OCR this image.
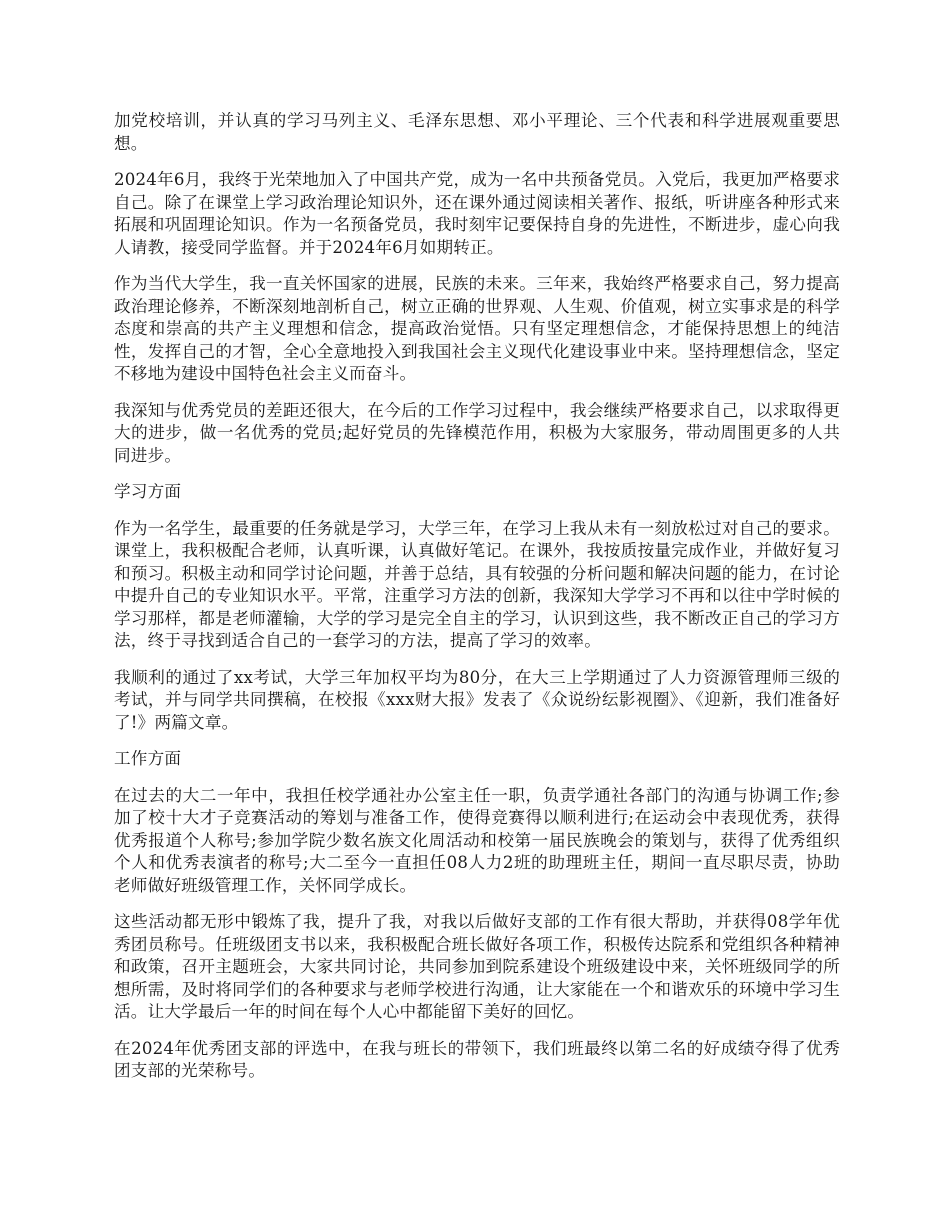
加党校培训，并认真的学习马列主义、毛泽东思想、邓小平理论、三个代表和科学进展观重要思想。

2024年6月，我终于光荣地加入了中国共产党，成为一名中共预备党员。入党后，我更加严格要求自己。除了在课堂上学习政治理论知识外，还在课外通过阅读相关著作、报纸，听讲座各种形式来拓展和巩固理论知识。作为一名预备党员，我时刻牢记要保持自身的先进性，不断进步，虚心向我人请教，接受同学监督。并于2024年6月如期转正。

作为当代大学生，我一直关怀国家的进展，民族的未来。三年来，我始终严格要求自己，努力提高政治理论修养，不断深刻地剖析自己，树立正确的世界观、人生观、价值观，树立实事求是的科学态度和崇高的共产主义理想和信念，提高政治觉悟。只有坚定理想信念，才能保持思想上的纯洁性，发挥自己的才智，全心全意地投入到我国社会主义现代化建设事业中来。坚持理想信念，坚定不移地为建设中国特色社会主义而奋斗。

我深知与优秀党员的差距还很大，在今后的工作学习过程中，我会继续严格要求自己，以求取得更大的进步，做一名优秀的党员;起好党员的先锋模范作用，积极为大家服务，带动周围更多的人共同进步。

学习方面

作为一名学生，最重要的任务就是学习，大学三年，在学习上我从未有一刻放松过对自己的要求。课堂上，我积极配合老师，认真听课，认真做好笔记。在课外，我按质按量完成作业，并做好复习和预习。积极主动和同学讨论问题，并善于总结，具有较强的分析问题和解决问题的能力，在讨论中提升自己的专业知识水平。平常，注重学习方法的创新，我深知大学学习不再和以往中学时候的学习那样，都是老师灌输，大学的学习是完全自主的学习，认识到这些，我不断改正自己的学习方法，终于寻找到适合自己的一套学习的方法，提高了学习的效率。

我顺利的通过了xx考试，大学三年加权平均为80分，在大三上学期通过了人力资源管理师三级的考试，并与同学共同撰稿，在校报《xxx财大报》发表了《众说纷纭影视圈》、《迎新，我们准备好了!》两篇文章。

工作方面

在过去的大二一年中，我担任校学通社办公室主任一职，负责学通社各部门的沟通与协调工作;参加了校十大才子竞赛活动的筹划与准备工作，使得竞赛得以顺利进行;在运动会中表现优秀，获得优秀报道个人称号;参加学院少数名族文化周活动和校第一届民族晚会的策划与，获得了优秀组织个人和优秀表演者的称号;大二至今一直担任08人力2班的助理班主任，期间一直尽职尽责，协助老师做好班级管理工作，关怀同学成长。

这些活动都无形中锻炼了我，提升了我，对我以后做好支部的工作有很大帮助，并获得08学年优秀团员称号。任班级团支书以来，我积极配合班长做好各项工作，积极传达院系和党组织各种精神和政策，召开主题班会，大家共同讨论，共同参加到院系建设个班级建设中来，关怀班级同学的所想所需，及时将同学们的各种要求与老师学校进行沟通，让大家能在一个和谐欢乐的环境中学习生活。让大学最后一年的时间在每个人心中都能留下美好的回忆。

在2024年优秀团支部的评选中，在我与班长的带领下，我们班最终以第二名的好成绩夺得了优秀团支部的光荣称号。
